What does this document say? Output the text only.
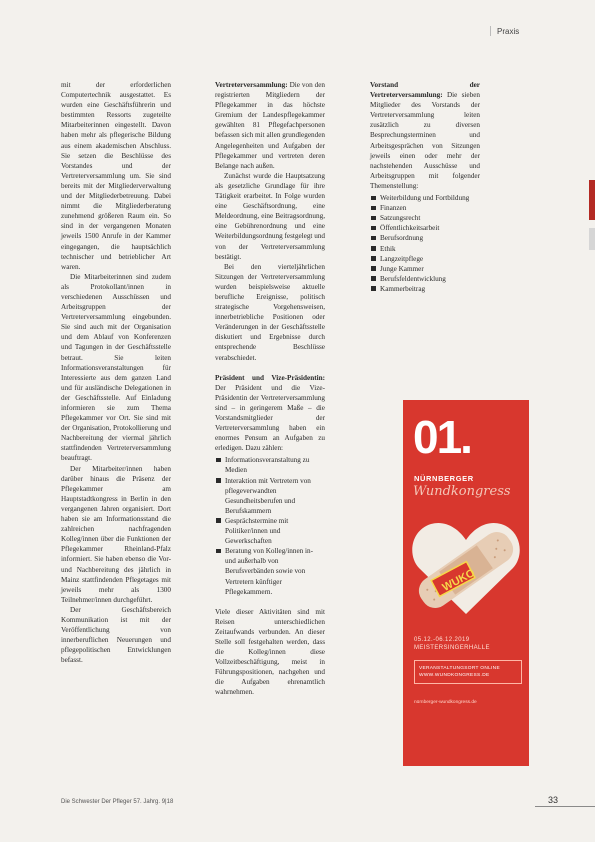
Praxis

mit der erforderlichen Computertechnik ausgestattet. Es wurden eine Geschäftsführerin und bestimmten Ressorts zugeteilte Mitarbeiterinnen eingestellt. Davon haben mehr als pflegerische Bildung aus einem akademischen Abschluss. Sie setzen die Beschlüsse des Vorstandes und der Vertreterversammlung um. Sie sind bereits mit der Mitgliederverwaltung und der Mitgliederbetreuung. Dabei nimmt die Mitgliederberatung zunehmend größeren Raum ein. So sind in der vergangenen Monaten jeweils 1500 Anrufe in der Kammer eingegangen, die hauptsächlich technischer und betrieblicher Art waren.

Die Mitarbeiterinnen sind zudem als Protokollant/innen in verschiedenen Ausschüssen und Arbeitsgruppen der Vertreterversammlung eingebunden. Sie sind auch mit der Organisation und dem Ablauf von Konferenzen und Tagungen in der Geschäftsstelle betraut. Sie leiten Informationsveranstaltungen für Interessierte aus dem ganzen Land und für ausländische Delegationen in der Geschäftsstelle. Auf Einladung informieren sie zum Thema Pflegekammer vor Ort. Sie sind mit der Organisation, Protokollierung und Nachbereitung der viermal jährlich stattfindenden Vertreterversammlung beauftragt.

Der Mitarbeiter/innen haben darüber hinaus die Präsenz der Pflegekammer am Hauptstadtkongress in Berlin in den vergangenen Jahren organisiert. Dort haben sie am Informationsstand die zahlreichen nachfragenden Kolleg/innen über die Funktionen der Pflegekammer Rheinland-Pfalz informiert. Sie haben ebenso die Vor- und Nachbereitung des jährlich in Mainz stattfindenden Pflegetages mit jeweils mehr als 1300 Teilnehmer/innen durchgeführt.

Der Geschäftsbereich Kommunikation ist mit der Veröffentlichung von innerberuflichen Neuerungen und pflegepolitischen Entwicklungen befasst.

Vertreterversammlung: Die von den registrierten Mitgliedern der Pflegekammer in das höchste Gremium der Landespflegekammer gewählten 81 Pflegefachpersonen befassen sich mit allen grundlegenden Angelegenheiten und Aufgaben der Pflegekammer und vertreten deren Belange nach außen.

Zunächst wurde die Hauptsatzung als gesetzliche Grundlage für ihre Tätigkeit erarbeitet. In Folge wurden eine Geschäftsordnung, eine Meldeordnung, eine Beitragsordnung, eine Gebührenordnung und eine Weiterbildungsordnung festgelegt und von der Vertreterversammlung bestätigt.

Bei den vierteljährlichen Sitzungen der Vertreterversammlung wurden beispielsweise aktuelle berufliche Ereignisse, politisch strategische Vorgehensweisen, innerbetriebliche Positionen oder Veränderungen in der Geschäftsstelle diskutiert und Ergebnisse durch entsprechende Beschlüsse verabschiedet.

Präsident und Vize-Präsidentin: Der Präsident und die Vize-Präsidentin der Vertreterversammlung sind – in geringerem Maße – die Vorstandsmitglieder der Vertreterversammlung haben ein enormes Pensum an Aufgaben zu erledigen. Dazu zählen:

Informationsveranstaltung zu Medien
Interaktion mit Vertretern von pflegeverwandten Gesundheitsberufen und Berufskammern
Gesprächstermine mit Politiker/innen und Gewerkschaften
Beratung von Kolleg/innen in- und außerhalb von Berufsverbänden sowie von Vertretern künftiger Pflegekammern.

Viele dieser Aktivitäten sind mit Reisen unterschiedlichen Zeitaufwands verbunden. An dieser Stelle soll festgehalten werden, dass die Kolleg/innen diese Vollzeitbeschäftigung, meist in Führungspositionen, nachgehen und die Aufgaben ehrenamtlich wahrnehmen.

Vorstand der Vertreterversammlung: Die sieben Mitglieder des Vorstands der Vertreterversammlung leiten zusätzlich zu diversen Besprechungsterminen und Arbeitsgesprächen von Sitzungen jeweils einen oder mehr der nachstehenden Ausschüsse und Arbeitsgruppen mit folgender Themenstellung:

Weiterbildung und Fortbildung
Finanzen
Satzungsrecht
Öffentlichkeitsarbeit
Berufsordnung
Ethik
Langzeitpflege
Junge Kammer
Berufsfeldentwicklung
Kammerbeitrag
01.
NÜRNBERGER
Wundkongress
WUKO
05.12.-06.12.2019
MEISTERSINGERHALLE
VERANSTALTUNGSORT ONLINE
WWW.WUNDKONGRESS.DE
nürnberger-wundkongress.de
Die Schwester Der Pfleger 57. Jahrg. 9|18	33
